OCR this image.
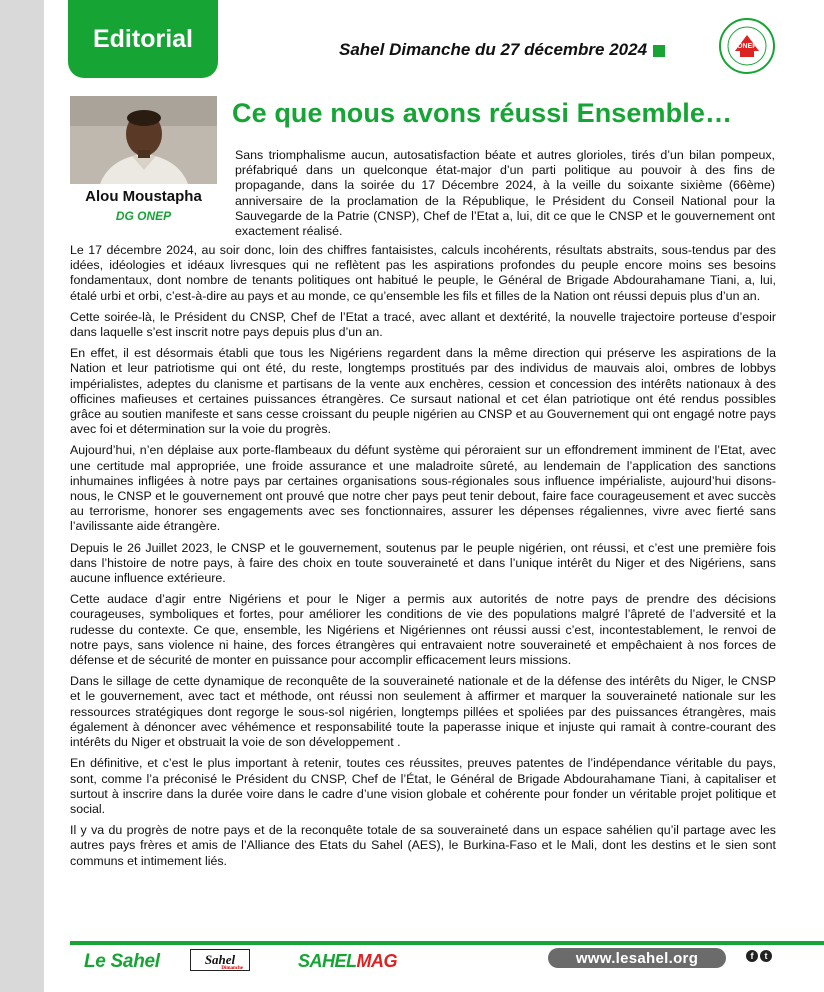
Editorial	Sahel Dimanche du 27 décembre 2024	ONEP
Alou Moustapha
DG ONEP
Ce que nous avons réussi Ensemble…

Sans triomphalisme aucun, autosatisfaction béate et autres glorioles, tirés d’un bilan pompeux, préfabriqué dans un quelconque état-major d’un parti politique au pouvoir à des fins de propagande, dans la soirée du 17 Décembre 2024, à la veille du soixante sixième (66ème) anniversaire de la proclamation de la République, le Président du Conseil National pour la Sauvegarde de la Patrie (CNSP), Chef de l’Etat a, lui, dit ce que le CNSP et le gouvernement ont exactement réalisé.

Le 17 décembre 2024, au soir donc, loin des chiffres fantaisistes, calculs incohérents, résultats abstraits, sous-tendus par des idées, idéologies et idéaux livresques qui ne reflètent pas les aspirations profondes du peuple encore moins ses besoins fondamentaux, dont nombre de tenants politiques ont habitué le peuple, le Général de Brigade Abdourahamane Tiani, a, lui, étalé urbi et orbi, c’est-à-dire au pays et au monde, ce qu’ensemble les fils et filles de la Nation ont réussi depuis plus d’un an.

Cette soirée-là, le Président du CNSP, Chef de l’Etat a tracé, avec allant et dextérité, la nouvelle trajectoire porteuse d’espoir dans laquelle s’est inscrit notre pays depuis plus d’un an.

En effet, il est désormais établi que tous les Nigériens regardent dans la même direction qui préserve les aspirations de la Nation et leur patriotisme qui ont été, du reste, longtemps prostitués par des individus de mauvais aloi, ombres de lobbys impérialistes, adeptes du clanisme et partisans de la vente aux enchères, cession et concession des intérêts nationaux à des officines mafieuses et certaines puissances étrangères. Ce sursaut national et cet élan patriotique ont été rendus possibles grâce au soutien manifeste et sans cesse croissant du peuple nigérien au CNSP et au Gouvernement qui ont engagé notre pays avec foi et détermination sur la voie du progrès.

Aujourd’hui, n’en déplaise aux porte-flambeaux du défunt système qui péroraient sur un effondrement imminent de l’Etat, avec une certitude mal appropriée, une froide assurance et une maladroite sûreté, au lendemain de l’application des sanctions inhumaines infligées à notre pays par certaines organisations sous-régionales sous influence impérialiste, aujourd’hui disons-nous, le CNSP et le gouvernement ont prouvé que notre cher pays peut tenir debout, faire face courageusement et avec succès au terrorisme, honorer ses engagements avec ses fonctionnaires, assurer les dépenses régaliennes, vivre avec fierté sans l’avilissante aide étrangère.

Depuis le 26 Juillet 2023, le CNSP et le gouvernement, soutenus par le peuple nigérien, ont réussi, et c’est une première fois dans l’histoire de notre pays, à faire des choix en toute souveraineté et dans l’unique intérêt du Niger et des Nigériens, sans aucune influence extérieure.

Cette audace d’agir entre Nigériens et pour le Niger a permis aux autorités de notre pays de prendre des décisions courageuses, symboliques et fortes, pour améliorer les conditions de vie des populations malgré l’âpreté de l’adversité et la rudesse du contexte. Ce que, ensemble, les Nigériens et Nigériennes ont réussi aussi c’est, incontestablement, le renvoi de notre pays, sans violence ni haine, des forces étrangères qui entravaient notre souveraineté et empêchaient à nos forces de défense et de sécurité de monter en puissance pour accomplir efficacement leurs missions.

Dans le sillage de cette dynamique de reconquête de la souveraineté nationale et de la défense des intérêts du Niger, le CNSP et le gouvernement, avec tact et méthode, ont réussi non seulement à affirmer et marquer la souveraineté nationale sur les ressources stratégiques dont regorge le sous-sol nigérien, longtemps pillées et spoliées par des puissances étrangères, mais également à dénoncer avec véhémence et responsabilité toute la paperasse inique et injuste qui ramait à contre-courant des intérêts du Niger et obstruait la voie de son développement .

En définitive, et c’est le plus important à retenir, toutes ces réussites, preuves patentes de l’indépendance véritable du pays, sont, comme l’a préconisé le Président du CNSP, Chef de l’État, le Général de Brigade Abdourahamane Tiani, à capitaliser et surtout à inscrire dans la durée voire dans le cadre d’une vision globale et cohérente pour fonder un véritable projet politique et social.

Il y va du progrès de notre pays et de la reconquête totale de sa souveraineté dans un espace sahélien qu’il partage avec les autres pays frères et amis de l’Alliance des Etats du Sahel (AES), le Burkina-Faso et le Mali, dont les destins et le sien sont communs et intimement liés.

Le Sahel	Sahel
Dimanche	SAHELMAG	www.lesahel.org	f	t
